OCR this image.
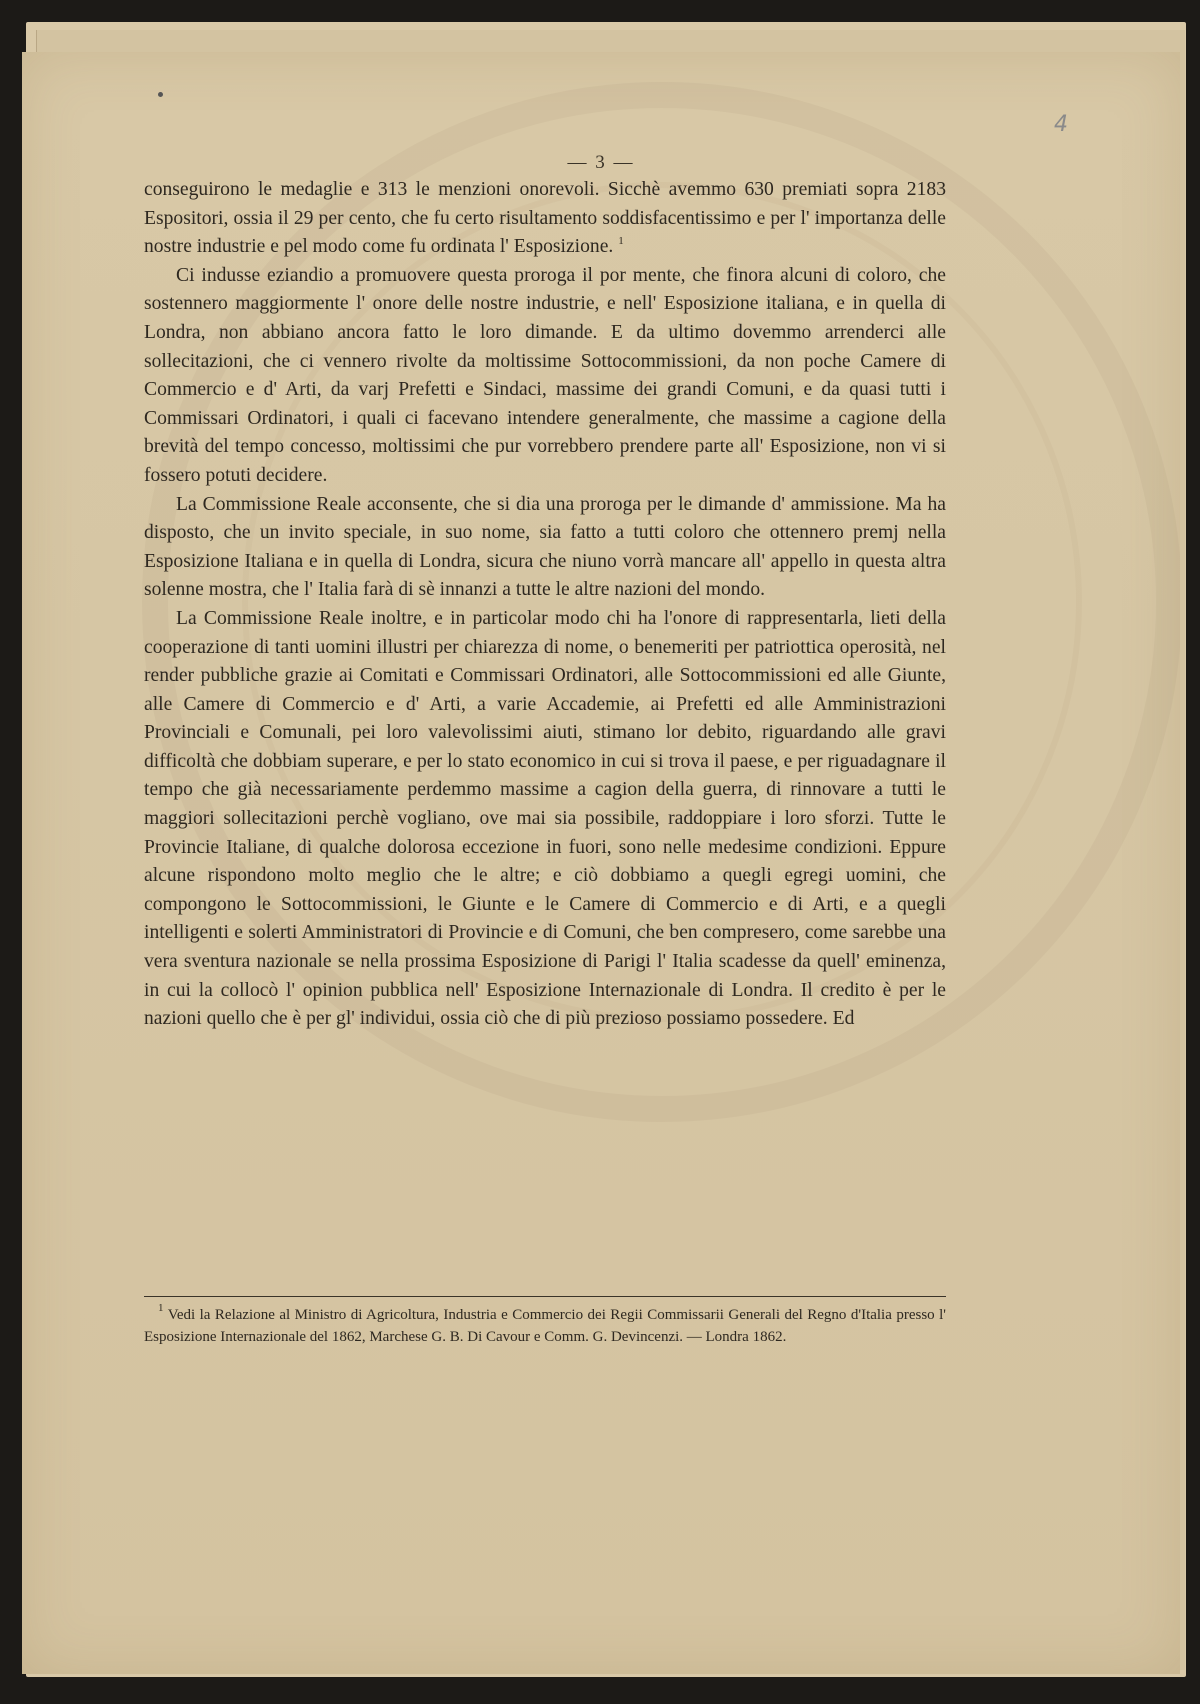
4
— 3 —

conseguirono le medaglie e 313 le menzioni onorevoli. Sicchè avemmo 630 premiati sopra 2183 Espositori, ossia il 29 per cento, che fu certo risultamento soddisfacentissimo e per l' importanza delle nostre industrie e pel modo come fu ordinata l' Esposizione. $^1$

Ci indusse eziandio a promuovere questa proroga il por mente, che finora alcuni di coloro, che sostennero maggiormente l' onore delle nostre industrie, e nell' Esposizione italiana, e in quella di Londra, non abbiano ancora fatto le loro dimande. E da ultimo dovemmo arrenderci alle sollecitazioni, che ci vennero rivolte da moltissime Sottocommissioni, da non poche Camere di Commercio e d' Arti, da varj Prefetti e Sindaci, massime dei grandi Comuni, e da quasi tutti i Commissari Ordinatori, i quali ci facevano intendere generalmente, che massime a cagione della brevità del tempo concesso, moltissimi che pur vorrebbero prendere parte all' Esposizione, non vi si fossero potuti decidere.

La Commissione Reale acconsente, che si dia una proroga per le dimande d' ammissione. Ma ha disposto, che un invito speciale, in suo nome, sia fatto a tutti coloro che ottennero premj nella Esposizione Italiana e in quella di Londra, sicura che niuno vorrà mancare all' appello in questa altra solenne mostra, che l' Italia farà di sè innanzi a tutte le altre nazioni del mondo.

La Commissione Reale inoltre, e in particolar modo chi ha l'onore di rappresentarla, lieti della cooperazione di tanti uomini illustri per chiarezza di nome, o benemeriti per patriottica operosità, nel render pubbliche grazie ai Comitati e Commissari Ordinatori, alle Sottocommissioni ed alle Giunte, alle Camere di Commercio e d' Arti, a varie Accademie, ai Prefetti ed alle Amministrazioni Provinciali e Comunali, pei loro valevolissimi aiuti, stimano lor debito, riguardando alle gravi difficoltà che dobbiam superare, e per lo stato economico in cui si trova il paese, e per riguadagnare il tempo che già necessariamente perdemmo massime a cagion della guerra, di rinnovare a tutti le maggiori sollecitazioni perchè vogliano, ove mai sia possibile, raddoppiare i loro sforzi. Tutte le Provincie Italiane, di qualche dolorosa eccezione in fuori, sono nelle medesime condizioni. Eppure alcune rispondono molto meglio che le altre; e ciò dobbiamo a quegli egregi uomini, che compongono le Sottocommissioni, le Giunte e le Camere di Commercio e di Arti, e a quegli intelligenti e solerti Amministratori di Provincie e di Comuni, che ben compresero, come sarebbe una vera sventura nazionale se nella prossima Esposizione di Parigi l' Italia scadesse da quell' eminenza, in cui la collocò l' opinion pubblica nell' Esposizione Internazionale di Londra. Il credito è per le nazioni quello che è per gl' individui, ossia ciò che di più prezioso possiamo possedere. Ed

$^1$ Vedi la Relazione al Ministro di Agricoltura, Industria e Commercio dei Regii Commissarii Generali del Regno d'Italia presso l' Esposizione Internazionale del 1862, Marchese G. B. Di Cavour e Comm. G. Devincenzi. — Londra 1862.
